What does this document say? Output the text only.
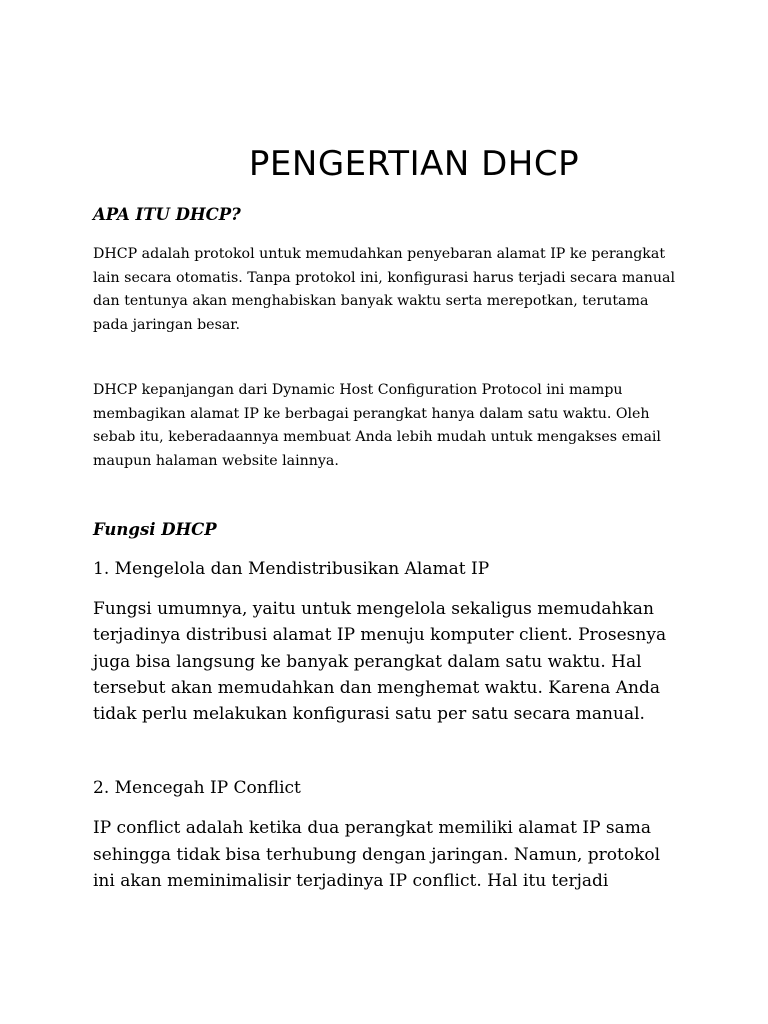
PENGERTIAN DHCP

APA ITU DHCP?

DHCP adalah protokol untuk memudahkan penyebaran alamat IP ke perangkat lain secara otomatis. Tanpa protokol ini, konfigurasi harus terjadi secara manual dan tentunya akan menghabiskan banyak waktu serta merepotkan, terutama pada jaringan besar.

DHCP kepanjangan dari Dynamic Host Configuration Protocol ini mampu membagikan alamat IP ke berbagai perangkat hanya dalam satu waktu. Oleh sebab itu, keberadaannya membuat Anda lebih mudah untuk mengakses email maupun halaman website lainnya.

Fungsi DHCP

1. Mengelola dan Mendistribusikan Alamat IP

Fungsi umumnya, yaitu untuk mengelola sekaligus memudahkan terjadinya distribusi alamat IP menuju komputer client. Prosesnya juga bisa langsung ke banyak perangkat dalam satu waktu. Hal tersebut akan memudahkan dan menghemat waktu. Karena Anda tidak perlu melakukan konfigurasi satu per satu secara manual.

2. Mencegah IP Conflict

IP conflict adalah ketika dua perangkat memiliki alamat IP sama sehingga tidak bisa terhubung dengan jaringan. Namun, protokol ini akan meminimalisir terjadinya IP conflict. Hal itu terjadi
